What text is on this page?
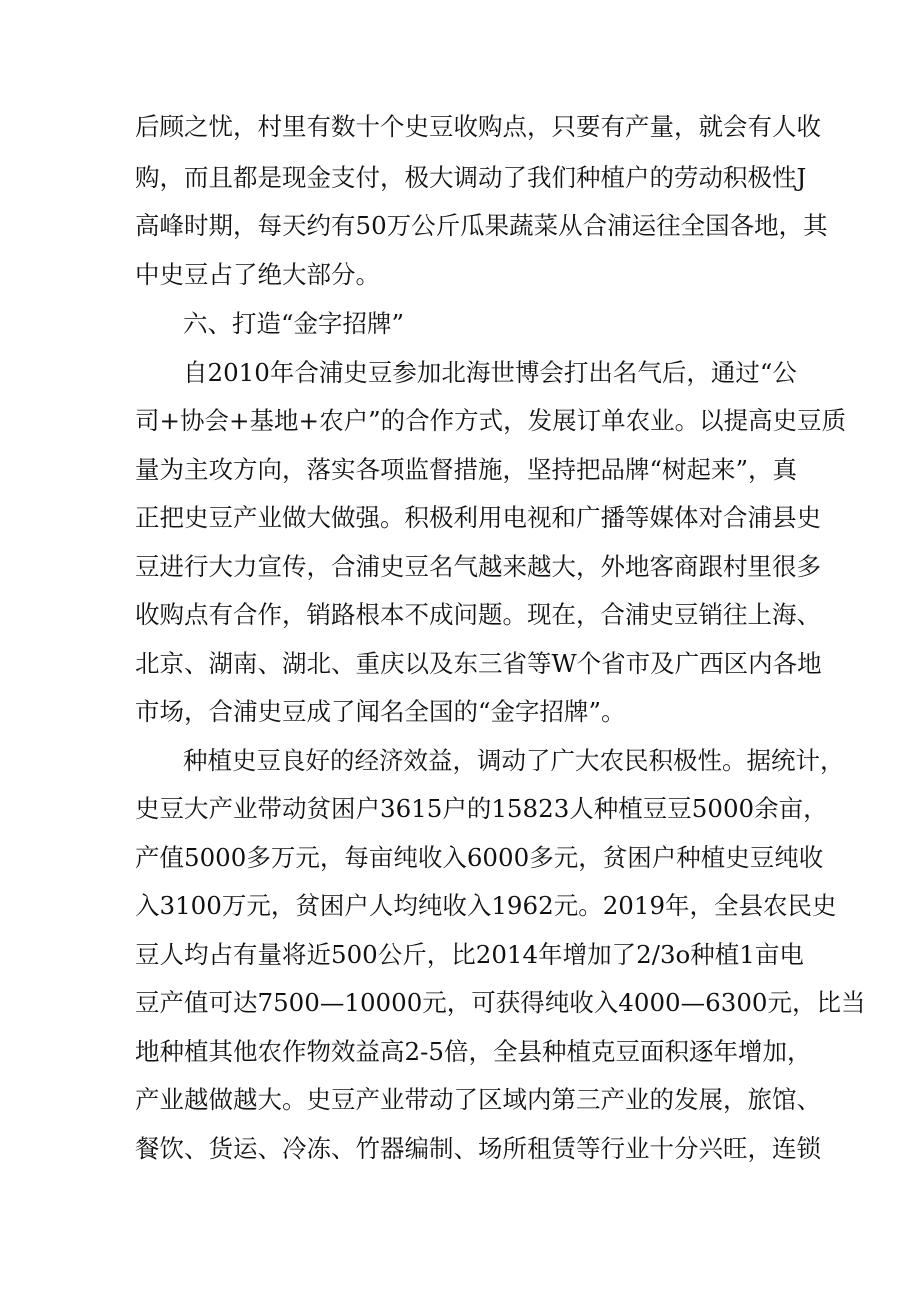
后顾之忧，村里有数十个史豆收购点，只要有产量，就会有人收
购，而且都是现金支付，极大调动了我们种植户的劳动积极性J
高峰时期，每天约有50万公斤瓜果蔬菜从合浦运往全国各地，其
中史豆占了绝大部分。
六、打造“金字招牌”
自2010年合浦史豆参加北海世博会打出名气后，通过“公
司+协会+基地+农户”的合作方式，发展订单农业。以提高史豆质
量为主攻方向，落实各项监督措施，坚持把品牌“树起来”，真
正把史豆产业做大做强。积极利用电视和广播等媒体对合浦县史
豆进行大力宣传，合浦史豆名气越来越大，外地客商跟村里很多
收购点有合作，销路根本不成问题。现在，合浦史豆销往上海、
北京、湖南、湖北、重庆以及东三省等W个省市及广西区内各地
市场，合浦史豆成了闻名全国的“金字招牌”。
种植史豆良好的经济效益，调动了广大农民积极性。据统计，
史豆大产业带动贫困户3615户的15823人种植豆豆5000余亩，
产值5000多万元，每亩纯收入6000多元，贫困户种植史豆纯收
入3100万元，贫困户人均纯收入1962元。2019年，全县农民史
豆人均占有量将近500公斤，比2014年增加了2/3o种植1亩电
豆产值可达7500—10000元，可获得纯收入4000—6300元，比当
地种植其他农作物效益高2-5倍，全县种植克豆面积逐年增加，
产业越做越大。史豆产业带动了区域内第三产业的发展，旅馆、
餐饮、货运、冷冻、竹器编制、场所租赁等行业十分兴旺，连锁
